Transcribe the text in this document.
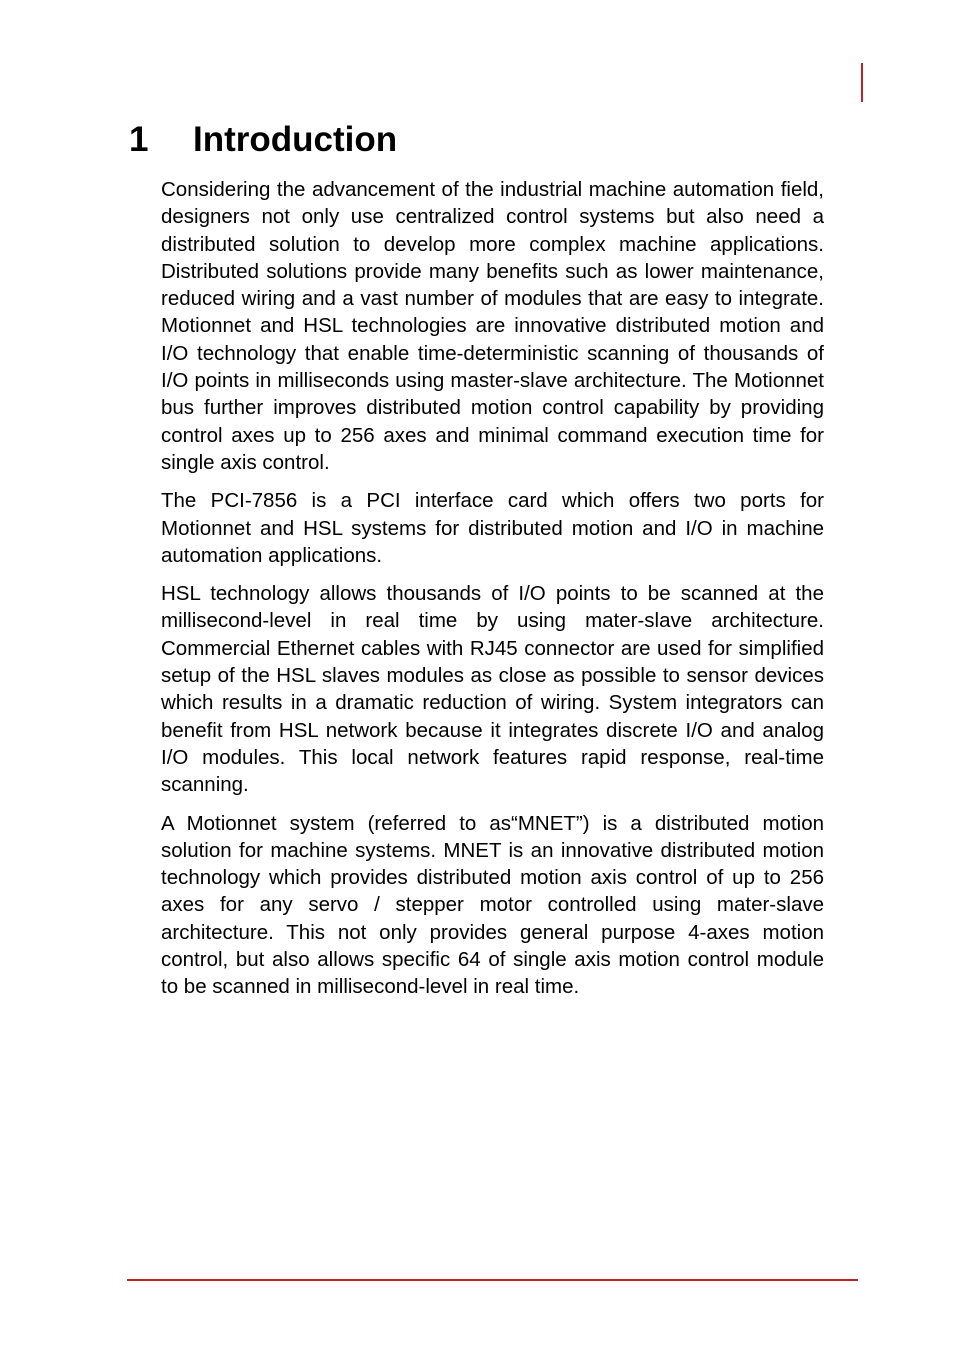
1 Introduction

Considering the advancement of the industrial machine automation field, designers not only use centralized control systems but also need a distributed solution to develop more complex machine applications. Distributed solutions provide many benefits such as lower maintenance, reduced wiring and a vast number of modules that are easy to integrate. Motionnet and HSL technologies are innovative distributed motion and I/O technology that enable time-deterministic scanning of thousands of I/O points in milliseconds using master-slave architecture. The Motionnet bus further improves distributed motion control capability by providing control axes up to 256 axes and minimal command execution time for single axis control.

The PCI-7856 is a PCI interface card which offers two ports for Motionnet and HSL systems for distributed motion and I/O in machine automation applications.

HSL technology allows thousands of I/O points to be scanned at the millisecond-level in real time by using mater-slave architecture. Commercial Ethernet cables with RJ45 connector are used for simplified setup of the HSL slaves modules as close as possible to sensor devices which results in a dramatic reduction of wiring. System integrators can benefit from HSL network because it integrates discrete I/O and analog I/O modules. This local network features rapid response, real-time scanning.

A Motionnet system (referred to as“MNET”) is a distributed motion solution for machine systems. MNET is an innovative distributed motion technology which provides distributed motion axis control of up to 256 axes for any servo / stepper motor controlled using mater-slave architecture. This not only provides general purpose 4-axes motion control, but also allows specific 64 of single axis motion control module to be scanned in millisecond-level in real time.
